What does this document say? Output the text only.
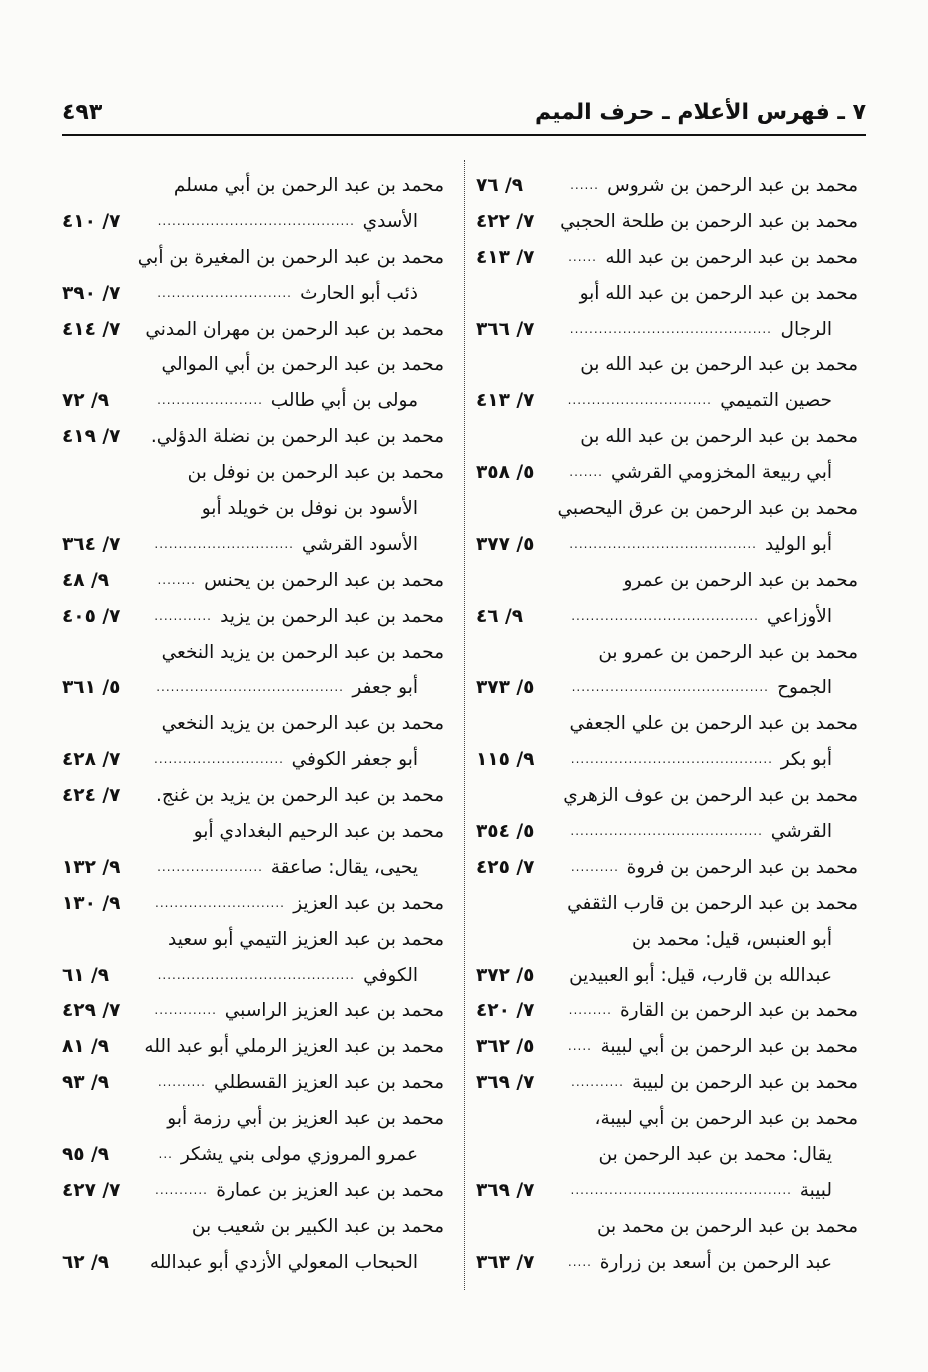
٧ ـ فهرس الأعلام ـ حرف الميم
٤٩٣
محمد بن عبد الرحمن بن شروس
......
٩/ ٧٦
محمد بن عبد الرحمن بن طلحة الحجبي
٧/ ٤٢٢
محمد بن عبد الرحمن بن عبد الله
......
٧/ ٤١٣
محمد بن عبد الرحمن بن عبد الله أبو
الرجال
..........................................
٧/ ٣٦٦
محمد بن عبد الرحمن بن عبد الله بن
حصين التميمي
..............................
٧/ ٤١٣
محمد بن عبد الرحمن بن عبد الله بن
أبي ربيعة المخزومي القرشي
.......
٥/ ٣٥٨
محمد بن عبد الرحمن بن عرق اليحصبي
أبو الوليد
.......................................
٥/ ٣٧٧
محمد بن عبد الرحمن بن عمرو
الأوزاعي
.......................................
٩/ ٤٦
محمد بن عبد الرحمن بن عمرو بن
الجموح
.........................................
٥/ ٣٧٣
محمد بن عبد الرحمن بن علي الجعفي
أبو بكر
..........................................
٩/ ١١٥
محمد بن عبد الرحمن بن عوف الزهري
القرشي
........................................
٥/ ٣٥٤
محمد بن عبد الرحمن بن فروة
..........
٧/ ٤٢٥
محمد بن عبد الرحمن بن قارب الثقفي
أبو العنبس، قيل: محمد بن
عبدالله بن قارب، قيل: أبو العبيدين
٥/ ٣٧٢
محمد بن عبد الرحمن بن القارة
.........
٧/ ٤٢٠
محمد بن عبد الرحمن بن أبي لبيبة
.....
٥/ ٣٦٢
محمد بن عبد الرحمن بن لبيبة
...........
٧/ ٣٦٩
محمد بن عبد الرحمن بن أبي لبيبة،
يقال: محمد بن عبد الرحمن بن
لبيبة
..............................................
٧/ ٣٦٩
محمد بن عبد الرحمن بن محمد بن
عبد الرحمن بن أسعد بن زرارة
.....
٧/ ٣٦٣
محمد بن عبد الرحمن بن أبي مسلم
الأسدي
.........................................
٧/ ٤١٠
محمد بن عبد الرحمن بن المغيرة بن أبي
ذئب أبو الحارث
............................
٧/ ٣٩٠
محمد بن عبد الرحمن بن مهران المدني
٧/ ٤١٤
محمد بن عبد الرحمن بن أبي الموالي
مولى بن أبي طالب
......................
٩/ ٧٢
محمد بن عبد الرحمن بن نضلة الدؤلي.
٧/ ٤١٩
محمد بن عبد الرحمن بن نوفل بن
الأسود بن نوفل بن خويلد أبو
الأسود القرشي
.............................
٧/ ٣٦٤
محمد بن عبد الرحمن بن يحنس
........
٩/ ٤٨
محمد بن عبد الرحمن بن يزيد
............
٧/ ٤٠٥
محمد بن عبد الرحمن بن يزيد النخعي
أبو جعفر
.......................................
٥/ ٣٦١
محمد بن عبد الرحمن بن يزيد النخعي
أبو جعفر الكوفي
...........................
٧/ ٤٢٨
محمد بن عبد الرحمن بن يزيد بن غنج.
٧/ ٤٢٤
محمد بن عبد الرحيم البغدادي أبو
يحيى، يقال: صاعقة
......................
٩/ ١٣٢
محمد بن عبد العزيز
...........................
٩/ ١٣٠
محمد بن عبد العزيز التيمي أبو سعيد
الكوفي
.........................................
٩/ ٦١
محمد بن عبد العزيز الراسبي
.............
٧/ ٤٢٩
محمد بن عبد العزيز الرملي أبو عبد الله
٩/ ٨١
محمد بن عبد العزيز القسطلي
..........
٩/ ٩٣
محمد بن عبد العزيز بن أبي رزمة أبو
عمرو المروزي مولى بني يشكر
...
٩/ ٩٥
محمد بن عبد العزيز بن عمارة
...........
٧/ ٤٢٧
محمد بن عبد الكبير بن شعيب بن
الحبحاب المعولي الأزدي أبو عبدالله
٩/ ٦٢
